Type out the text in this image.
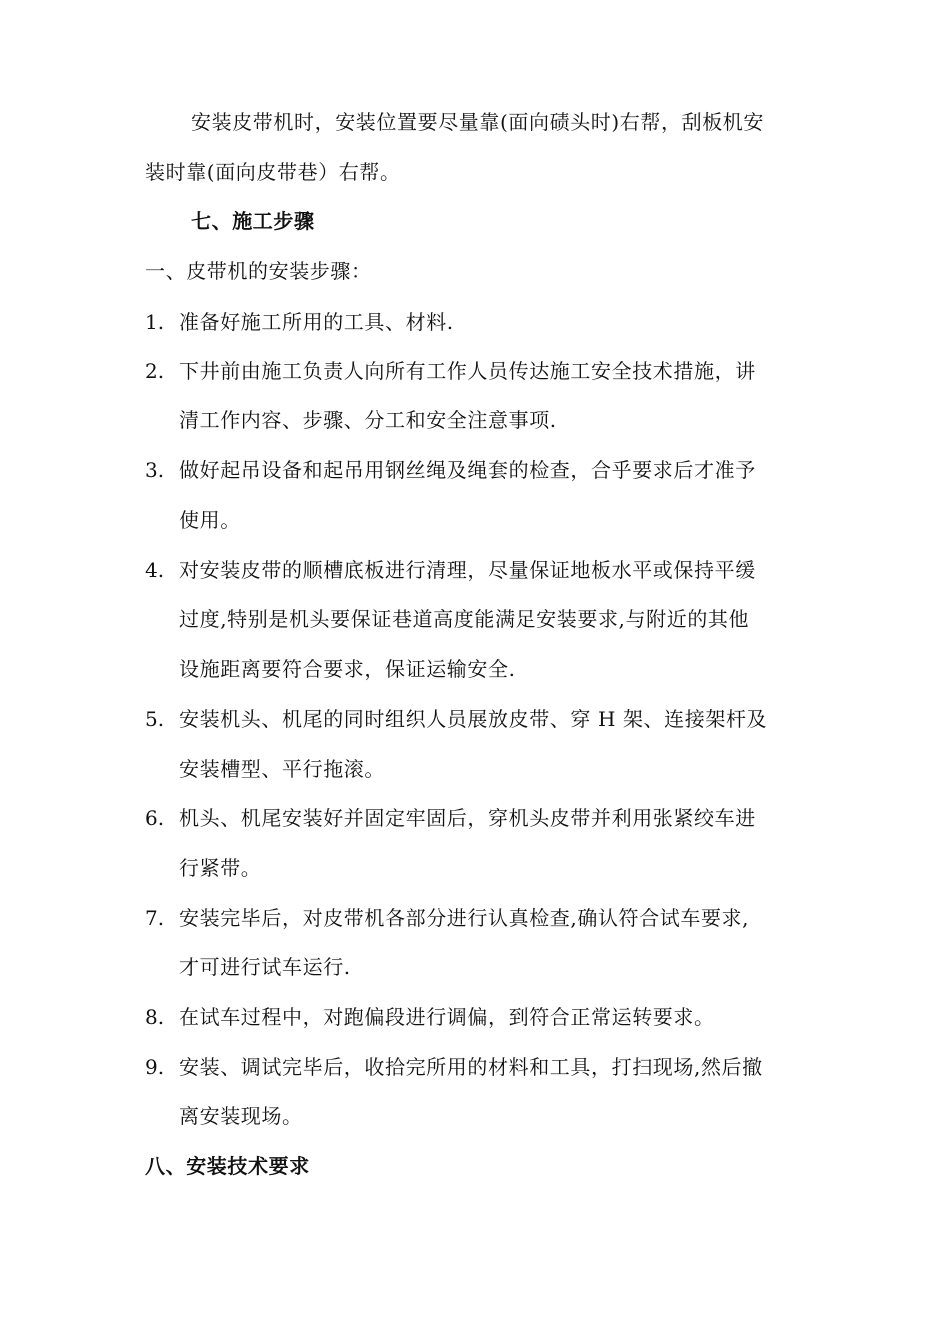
安装皮带机时，安装位置要尽量靠(面向碛头时)右帮，刮板机安
装时靠(面向皮带巷）右帮。
七、施工步骤
一、皮带机的安装步骤：
1. 准备好施工所用的工具、材料.
2. 下井前由施工负责人向所有工作人员传达施工安全技术措施，讲
清工作内容、步骤、分工和安全注意事项.
3. 做好起吊设备和起吊用钢丝绳及绳套的检查，合乎要求后才准予
使用。
4. 对安装皮带的顺槽底板进行清理，尽量保证地板水平或保持平缓
过度,特别是机头要保证巷道高度能满足安装要求,与附近的其他
设施距离要符合要求，保证运输安全.
5. 安装机头、机尾的同时组织人员展放皮带、穿 H 架、连接架杆及
安装槽型、平行拖滚。
6. 机头、机尾安装好并固定牢固后，穿机头皮带并利用张紧绞车进
行紧带。
7. 安装完毕后，对皮带机各部分进行认真检查,确认符合试车要求,
才可进行试车运行.
8. 在试车过程中，对跑偏段进行调偏，到符合正常运转要求。
9. 安装、调试完毕后，收拾完所用的材料和工具，打扫现场,然后撤
离安装现场。
八、安装技术要求
